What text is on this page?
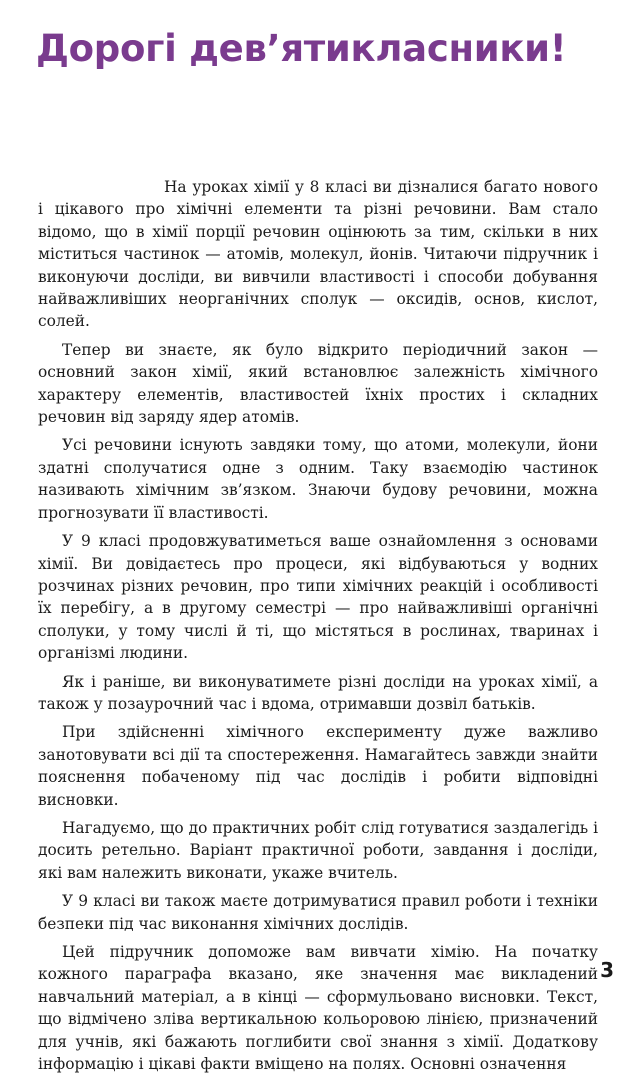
Дорогі дев’ятикласники!

На уроках хімії у 8 класі ви дізналися багато нового і цікавого про хімічні елементи та різні речовини. Вам стало відомо, що в хімії порції речовин оцінюють за тим, скільки в них міститься частинок — атомів, молекул, йонів. Читаючи підручник і виконуючи досліди, ви вивчили властивості і способи добування найважливіших неорганічних сполук — оксидів, основ, кислот, солей.

Тепер ви знаєте, як було відкрито періодичний закон — основний закон хімії, який встановлює залежність хімічного характеру елементів, властивостей їхніх простих і складних речовин від заряду ядер атомів.

Усі речовини існують завдяки тому, що атоми, молекули, йони здатні сполучатися одне з одним. Таку взаємодію частинок називають хімічним зв’язком. Знаючи будову речовини, можна прогнозувати її властивості.

У 9 класі продовжуватиметься ваше ознайомлення з основами хімії. Ви довідаєтесь про процеси, які відбуваються у водних розчинах різних речовин, про типи хімічних реакцій і особливості їх перебігу, а в другому семестрі — про найважливіші органічні сполуки, у тому числі й ті, що містяться в рослинах, тваринах і організмі людини.

Як і раніше, ви виконуватимете різні досліди на уроках хімії, а також у позаурочний час і вдома, отримавши дозвіл батьків.

При здійсненні хімічного експерименту дуже важливо занотовувати всі дії та спостереження. Намагайтесь завжди знайти пояснення побаченому під час дослідів і робити відповідні висновки.

Нагадуємо, що до практичних робіт слід готуватися заздалегідь і досить ретельно. Варіант практичної роботи, завдання і досліди, які вам належить виконати, укаже вчитель.

У 9 класі ви також маєте дотримуватися правил роботи і техніки безпеки під час виконання хімічних дослідів.

Цей підручник допоможе вам вивчати хімію. На початку кожного параграфа вказано, яке значення має викладений навчальний матеріал, а в кінці — сформульовано висновки. Текст, що відмічено зліва вертикальною кольоровою лінією, призначений для учнів, які бажають поглибити свої знання з хімії. Додаткову інформацію і цікаві факти вміщено на полях. Основні означення

3
